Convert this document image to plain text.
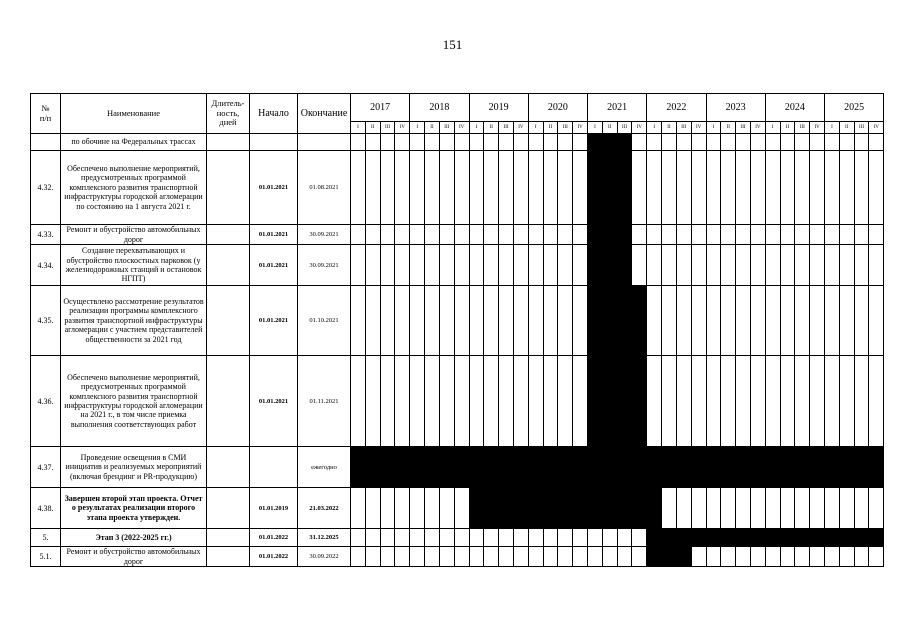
151
№
п/п	Наименование	Длитель-
ность,
дней	Начало	Окончание	2017				2018				2019				2020				2021				2022				2023				2024				2025			
					I	II	III	IV	I	II	III	IV	I	II	III	IV	I	II	III	IV	I	II	III	IV	I	II	III	IV	I	II	III	IV	I	II	III	IV	I	II	III	IV
	по обочине на Федеральных трассах																																							
4.32.	Обеспечено выполнение мероприятий, предусмотренных программой комплексного развития транспортной инфраструктуры городской агломерации по состоянию на 1 августа 2021 г.		01.01.2021	01.08.2021																																				
4.33.	Ремонт и обустройство автомобильных дорог		01.01.2021	30.09.2021																																				
4.34.	Создание перехватывающих и обустройство плоскостных парковок (у железнодорожных станций и остановок НГПТ)		01.01.2021	30.09.2021																																				
4.35.	Осуществлено рассмотрение результатов реализации программы комплексного развития транспортной инфраструктуры агломерации с участием представителей общественности за 2021 год		01.01.2021	01.10.2021																																				
4.36.	Обеспечено выполнение мероприятий, предусмотренных программой комплексного развития транспортной инфраструктуры городской агломерации на 2021 г., в том числе приемка выполнения соответствующих работ		01.01.2021	01.11.2021																																				
4.37.	Проведение освещения в СМИ инициатив и реализуемых мероприятий (включая брендинг и PR-продукцию)			ежегодно																																				
4.38.	Завершен второй этап проекта. Отчет о результатах реализации второго этапа проекта утвержден.		01.01.2019	21.03.2022																																				
5.	Этап 3 (2022-2025 гг.)		01.01.2022	31.12.2025																																				
5.1.	Ремонт и обустройство автомобильных дорог		01.01.2022	30.09.2022																																				
